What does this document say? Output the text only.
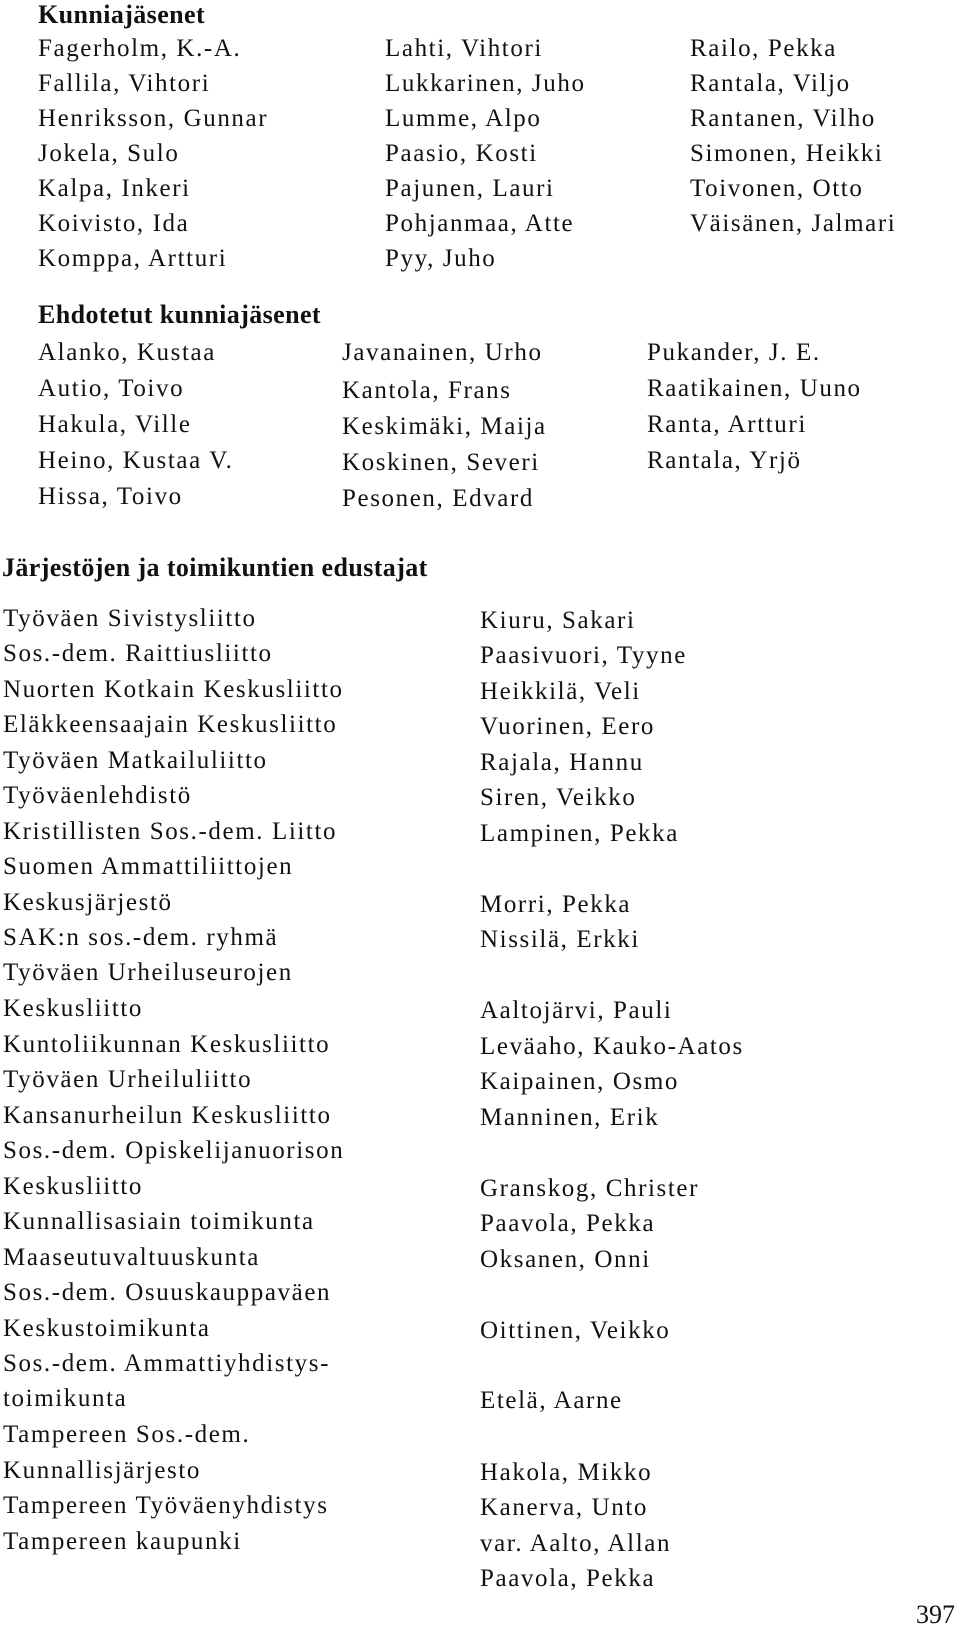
Kunniajäsenet
Fagerholm, K.-A.
Fallila, Vihtori
Henriksson, Gunnar
Jokela, Sulo
Kalpa, Inkeri
Koivisto, Ida
Komppa, Artturi
Lahti, Vihtori
Lukkarinen, Juho
Lumme, Alpo
Paasio, Kosti
Pajunen, Lauri
Pohjanmaa, Atte
Pyy, Juho
Railo, Pekka
Rantala, Viljo
Rantanen, Vilho
Simonen, Heikki
Toivonen, Otto
Väisänen, Jalmari
Ehdotetut kunniajäsenet
Alanko, Kustaa
Autio, Toivo
Hakula, Ville
Heino, Kustaa V.
Hissa, Toivo
Javanainen, Urho
Kantola, Frans
Keskimäki, Maija
Koskinen, Severi
Pesonen, Edvard
Pukander, J. E.
Raatikainen, Uuno
Ranta, Artturi
Rantala, Yrjö
Järjestöjen ja toimikuntien edustajat
Työväen Sivistysliitto
Sos.-dem. Raittiusliitto
Nuorten Kotkain Keskusliitto
Eläkkeensaajain Keskusliitto
Työväen Matkailuliitto
Työväenlehdistö
Kristillisten Sos.-dem. Liitto
Suomen Ammattiliittojen
Keskusjärjestö
SAK:n sos.-dem. ryhmä
Työväen Urheiluseurojen
Keskusliitto
Kuntoliikunnan Keskusliitto
Työväen Urheiluliitto
Kansanurheilun Keskusliitto
Sos.-dem. Opiskelijanuorison
Keskusliitto
Kunnallisasiain toimikunta
Maaseutuvaltuuskunta
Sos.-dem. Osuuskauppaväen
Keskustoimikunta
Sos.-dem. Ammattiyhdistys-
toimikunta
Tampereen Sos.-dem.
Kunnallisjärjesto
Tampereen Työväenyhdistys
Tampereen kaupunki
Kiuru, Sakari
Paasivuori, Tyyne
Heikkilä, Veli
Vuorinen, Eero
Rajala, Hannu
Siren, Veikko
Lampinen, Pekka
Morri, Pekka
Nissilä, Erkki
Aaltojärvi, Pauli
Leväaho, Kauko-Aatos
Kaipainen, Osmo
Manninen, Erik
Granskog, Christer
Paavola, Pekka
Oksanen, Onni
Oittinen, Veikko
Etelä, Aarne
Hakola, Mikko
Kanerva, Unto
var. Aalto, Allan
Paavola, Pekka
397
